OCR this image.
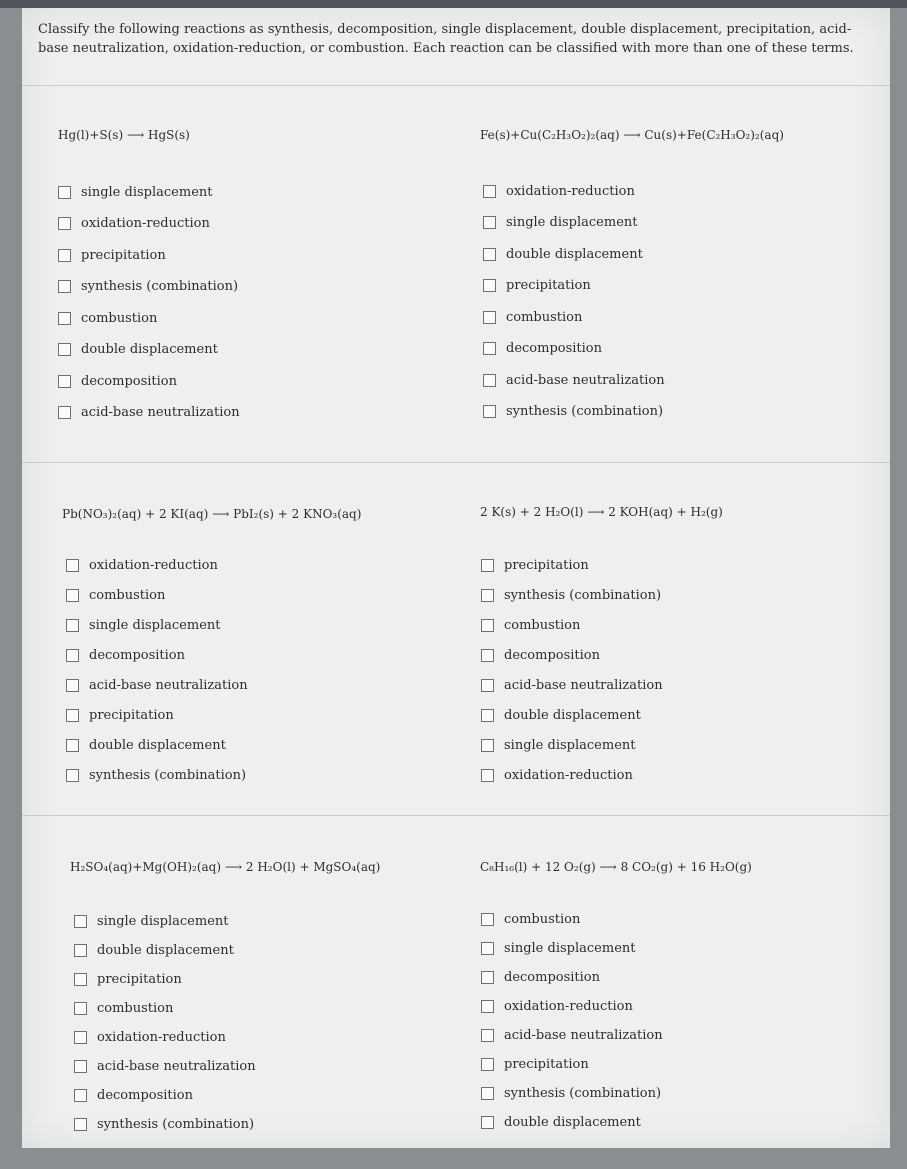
Classify the following reactions as synthesis, decomposition, single displacement, double displacement, precipitation, acid-base neutralization, oxidation-reduction, or combustion. Each reaction can be classified with more than one of these terms.
Hg(l)+S(s) ⟶ HgS(s)
single displacement
oxidation-reduction
precipitation
synthesis (combination)
combustion
double displacement
decomposition
acid-base neutralization
Fe(s)+Cu(C₂H₃O₂)₂(aq) ⟶ Cu(s)+Fe(C₂H₃O₂)₂(aq)
oxidation-reduction
single displacement
double displacement
precipitation
combustion
decomposition
acid-base neutralization
synthesis (combination)
Pb(NO₃)₂(aq) + 2 KI(aq) ⟶ PbI₂(s) + 2 KNO₃(aq)
oxidation-reduction
combustion
single displacement
decomposition
acid-base neutralization
precipitation
double displacement
synthesis (combination)
2 K(s) + 2 H₂O(l) ⟶ 2 KOH(aq) + H₂(g)
precipitation
synthesis (combination)
combustion
decomposition
acid-base neutralization
double displacement
single displacement
oxidation-reduction
H₂SO₄(aq)+Mg(OH)₂(aq) ⟶ 2 H₂O(l) + MgSO₄(aq)
single displacement
double displacement
precipitation
combustion
oxidation-reduction
acid-base neutralization
decomposition
synthesis (combination)
C₈H₁₆(l) + 12 O₂(g) ⟶ 8 CO₂(g) + 16 H₂O(g)
combustion
single displacement
decomposition
oxidation-reduction
acid-base neutralization
precipitation
synthesis (combination)
double displacement
